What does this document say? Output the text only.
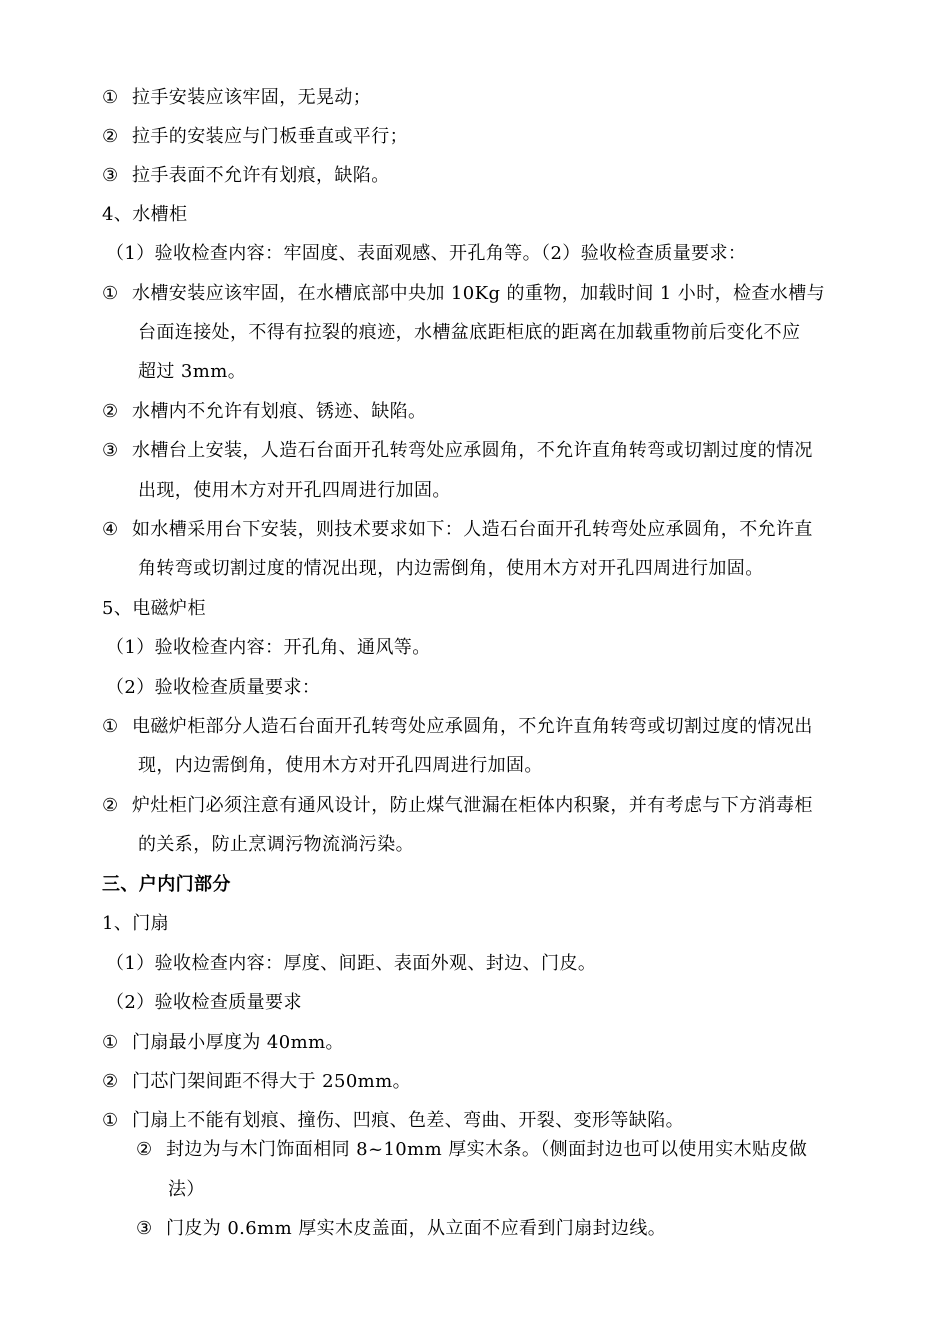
① 拉手安装应该牢固，无晃动；
② 拉手的安装应与门板垂直或平行；
③ 拉手表面不允许有划痕，缺陷。
4、水槽柜
（1）验收检查内容：牢固度、表面观感、开孔角等。（2）验收检查质量要求：
① 水槽安装应该牢固，在水槽底部中央加 10Kg 的重物，加载时间 1 小时，检查水槽与
台面连接处，不得有拉裂的痕迹，水槽盆底距柜底的距离在加载重物前后变化不应
超过 3mm。
② 水槽内不允许有划痕、锈迹、缺陷。
③ 水槽台上安装，人造石台面开孔转弯处应承圆角，不允许直角转弯或切割过度的情况
出现，使用木方对开孔四周进行加固。
④ 如水槽采用台下安装，则技术要求如下：人造石台面开孔转弯处应承圆角，不允许直
角转弯或切割过度的情况出现，内边需倒角，使用木方对开孔四周进行加固。
5、电磁炉柜
（1）验收检查内容：开孔角、通风等。
（2）验收检查质量要求：
① 电磁炉柜部分人造石台面开孔转弯处应承圆角，不允许直角转弯或切割过度的情况出
现，内边需倒角，使用木方对开孔四周进行加固。
② 炉灶柜门必须注意有通风设计，防止煤气泄漏在柜体内积聚，并有考虑与下方消毒柜
的关系，防止烹调污物流淌污染。
三、户内门部分
1、门扇
（1）验收检查内容：厚度、间距、表面外观、封边、门皮。
（2）验收检查质量要求
① 门扇最小厚度为 40mm。
② 门芯门架间距不得大于 250mm。
① 门扇上不能有划痕、撞伤、凹痕、色差、弯曲、开裂、变形等缺陷。
② 封边为与木门饰面相同 8~10mm 厚实木条。（侧面封边也可以使用实木贴皮做
法）
③ 门皮为 0.6mm 厚实木皮盖面，从立面不应看到门扇封边线。
